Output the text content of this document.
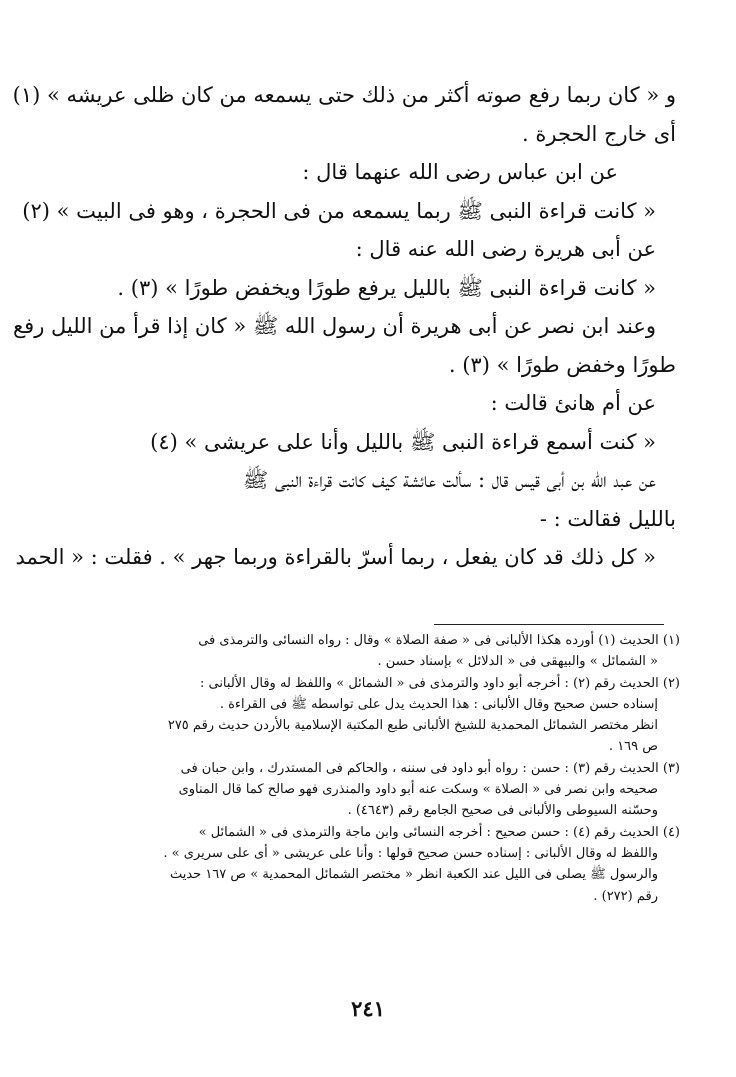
و « كان ربما رفع صوته أكثر من ذلك حتى يسمعه من كان ظلى عريشه » (١)
أى خارج الحجرة .
عن ابن عباس رضى الله عنهما قال :
« كانت قراءة النبى ﷺ ربما يسمعه من فى الحجرة ، وهو فى البيت » (٢)
عن أبى هريرة رضى الله عنه قال :
« كانت قراءة النبى ﷺ بالليل يرفع طورًا ويخفض طورًا » (٣) .
وعند ابن نصر عن أبى هريرة أن رسول الله ﷺ « كان إذا قرأ من الليل رفع
طورًا وخفض طورًا » (٣) .
عن أم هانئ قالت :
« كنت أسمع قراءة النبى ﷺ بالليل وأنا على عريشى » (٤)
عن عبد الله بن أبى قيس قال : سألت عائشة كيف كانت قراءة النبى ﷺ
بالليل فقالت : -
« كل ذلك قد كان يفعل ، ربما أسرّ بالقراءة وربما جهر » . فقلت : « الحمد
(١) الحديث (١) أورده هكذا الألبانى فى « صفة الصلاة » وقال : رواه النسائى والترمذى فى
« الشمائل » والبيهقى فى « الدلائل » بإسناد حسن .
(٢) الحديث رقم (٢) : أخرجه أبو داود والترمذى فى « الشمائل » واللفظ له وقال الألبانى :
إسناده حسن صحيح وقال الألبانى : هذا الحديث يدل على تواسطه ﷺ فى القراءة .
انظر مختصر الشمائل المحمدية للشيخ الألبانى طبع المكتبة الإسلامية بالأردن حديث رقم ٢٧٥
ص ١٦٩ .
(٣) الحديث رقم (٣) : حسن : رواه أبو داود فى سننه ، والحاكم فى المستدرك ، وابن حبان فى
صحيحه وابن نصر فى « الصلاة » وسكت عنه أبو داود والمنذرى فهو صالح كما قال المناوى
وحسّنه السيوطى والألبانى فى صحيح الجامع رقم (٤٦٤٣) .
(٤) الحديث رقم (٤) : حسن صحيح : أخرجه النسائى وابن ماجة والترمذى فى « الشمائل »
واللفظ له وقال الألبانى : إسناده حسن صحيح قولها : وأنا على عريشى « أى على سريرى » .
والرسول ﷺ يصلى فى الليل عند الكعبة انظر « مختصر الشمائل المحمدية » ص ١٦٧ حديث
رقم (٢٧٢) .
٢٤١
